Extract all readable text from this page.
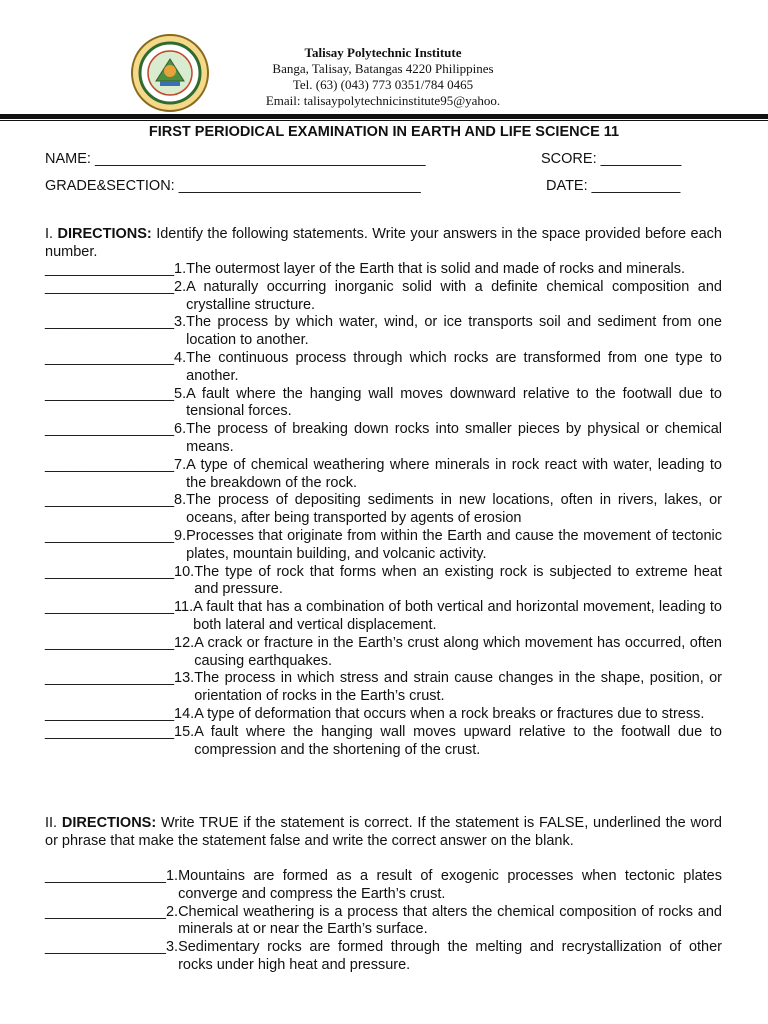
Talisay Polytechnic Institute
Banga, Talisay, Batangas 4220 Philippines
Tel. (63) (043) 773 0351/784 0465
Email: talisaypolytechnicinstitute95@yahoo.
FIRST PERIODICAL EXAMINATION IN EARTH AND LIFE SCIENCE 11
NAME: _________________________________________	SCORE: __________
GRADE&SECTION: ______________________________	DATE: ___________
I. DIRECTIONS: Identify the following statements. Write your answers in the space provided before each number.
________________ 1. The outermost layer of the Earth that is solid and made of rocks and minerals.
________________ 2. A naturally occurring inorganic solid with a definite chemical composition and crystalline structure.
________________ 3. The process by which water, wind, or ice transports soil and sediment from one location to another.
________________ 4. The continuous process through which rocks are transformed from one type to another.
________________ 5. A fault where the hanging wall moves downward relative to the footwall due to tensional forces.
________________ 6. The process of breaking down rocks into smaller pieces by physical or chemical means.
________________ 7. A type of chemical weathering where minerals in rock react with water, leading to the breakdown of the rock.
________________ 8. The process of depositing sediments in new locations, often in rivers, lakes, or oceans, after being transported by agents of erosion
________________ 9. Processes that originate from within the Earth and cause the movement of tectonic plates, mountain building, and volcanic activity.
________________ 10. The type of rock that forms when an existing rock is subjected to extreme heat and pressure.
________________ 11. A fault that has a combination of both vertical and horizontal movement, leading to both lateral and vertical displacement.
________________ 12. A crack or fracture in the Earth’s crust along which movement has occurred, often causing earthquakes.
________________ 13. The process in which stress and strain cause changes in the shape, position, or orientation of rocks in the Earth’s crust.
________________ 14. A type of deformation that occurs when a rock breaks or fractures due to stress.
________________ 15. A fault where the hanging wall moves upward relative to the footwall due to compression and the shortening of the crust.
II. DIRECTIONS: Write TRUE if the statement is correct. If the statement is FALSE, underlined the word or phrase that make the statement false and write the correct answer on the blank.
_______________ 1. Mountains are formed as a result of exogenic processes when tectonic plates converge and compress the Earth’s crust.
_______________ 2. Chemical weathering is a process that alters the chemical composition of rocks and minerals at or near the Earth’s surface.
_______________ 3. Sedimentary rocks are formed through the melting and recrystallization of other rocks under high heat and pressure.
